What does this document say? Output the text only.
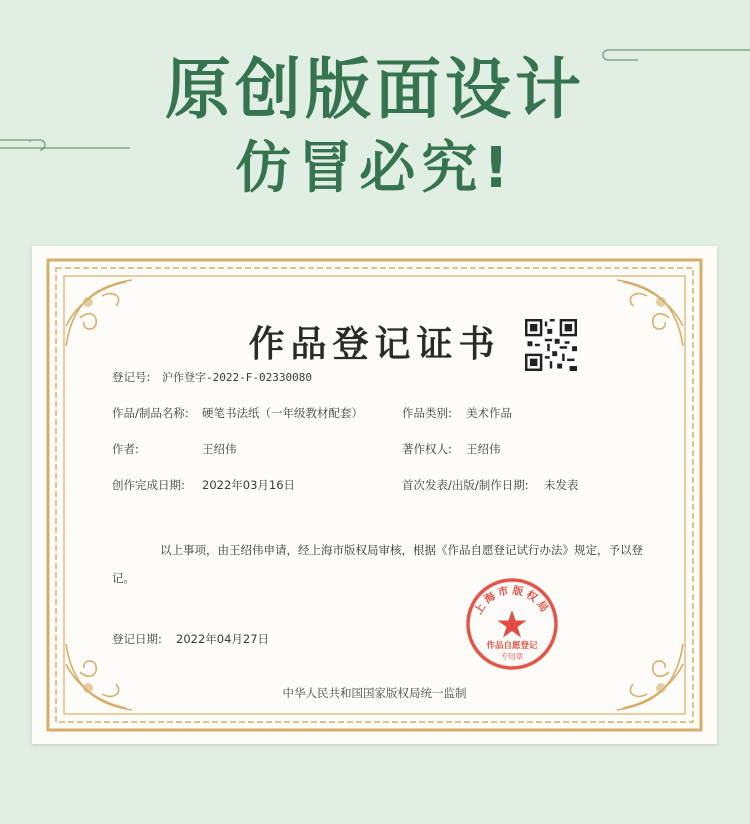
原创版面设计
仿冒必究!
作品登记证书
登记号: 沪作登字-2022-F-02330080
作品/制品名称: 硬笔书法纸（一年级教材配套）	作品类别: 美术作品
作者:	王绍伟	著作权人: 王绍伟
创作完成日期: 2022年03月16日	首次发表/出版/制作日期: 未发表
以上事项，由王绍伟申请，经上海市版权局审核，根据《作品自愿登记试行办法》规定，予以登记。
登记日期: 2022年04月27日
上海市版权局
作品自愿登记
专用章
中华人民共和国国家版权局统一监制
